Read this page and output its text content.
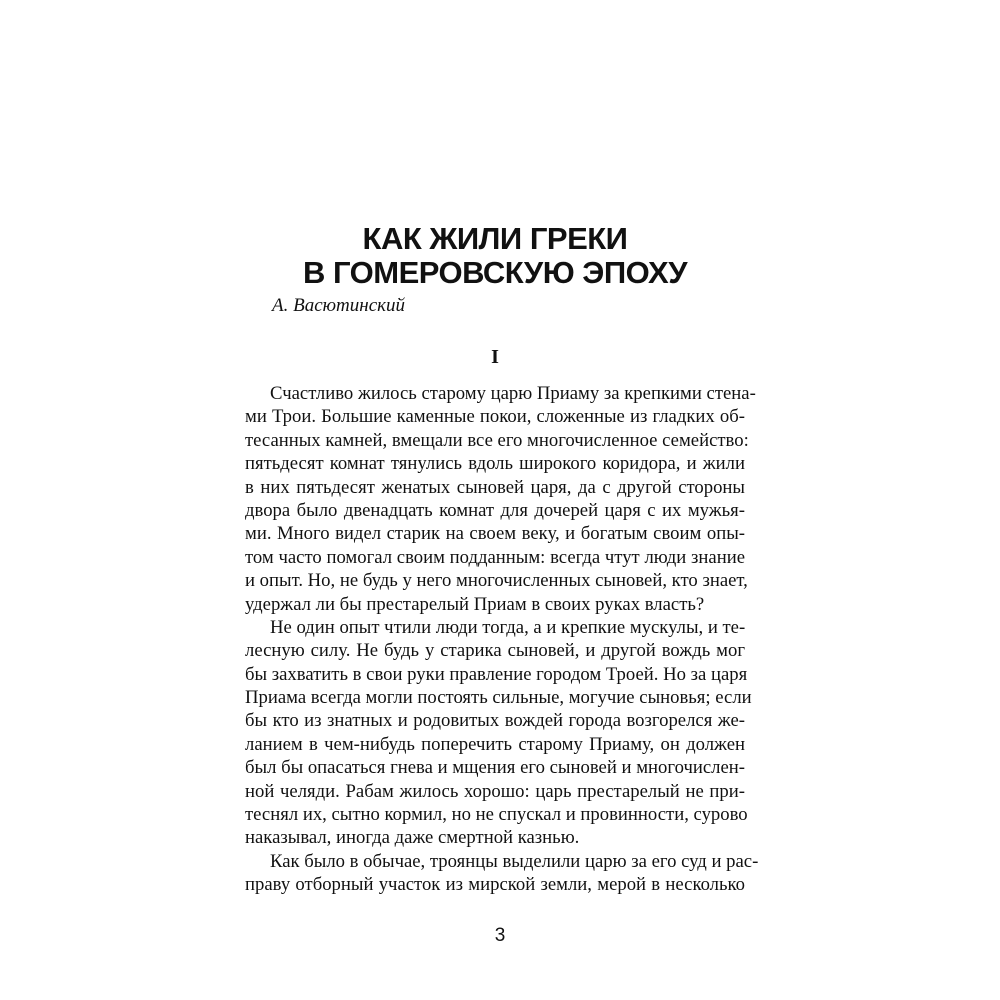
КАК ЖИЛИ ГРЕКИ
В ГОМЕРОВСКУЮ ЭПОХУ

А. Васютинский

I

Счастливо жилось старому царю Приаму за крепкими стена-
ми Трои. Большие каменные покои, сложенные из гладких об-
тесанных камней, вмещали все его многочисленное семейство:
пятьдесят комнат тянулись вдоль широкого коридора, и жили
в них пятьдесят женатых сыновей царя, да с другой стороны
двора было двенадцать комнат для дочерей царя с их мужья-
ми. Много видел старик на своем веку, и богатым своим опы-
том часто помогал своим подданным: всегда чтут люди знание
и опыт. Но, не будь у него многочисленных сыновей, кто знает,
удержал ли бы престарелый Приам в своих руках власть?
Не один опыт чтили люди тогда, а и крепкие мускулы, и те-
лесную силу. Не будь у старика сыновей, и другой вождь мог
бы захватить в свои руки правление городом Троей. Но за царя
Приама всегда могли постоять сильные, могучие сыновья; если
бы кто из знатных и родовитых вождей города возгорелся же-
ланием в чем-нибудь поперечить старому Приаму, он должен
был бы опасаться гнева и мщения его сыновей и многочислен-
ной челяди. Рабам жилось хорошо: царь престарелый не при-
теснял их, сытно кормил, но не спускал и провинности, сурово
наказывал, иногда даже смертной казнью.
Как было в обычае, троянцы выделили царю за его суд и рас-
праву отборный участок из мирской земли, мерой в несколько

3
